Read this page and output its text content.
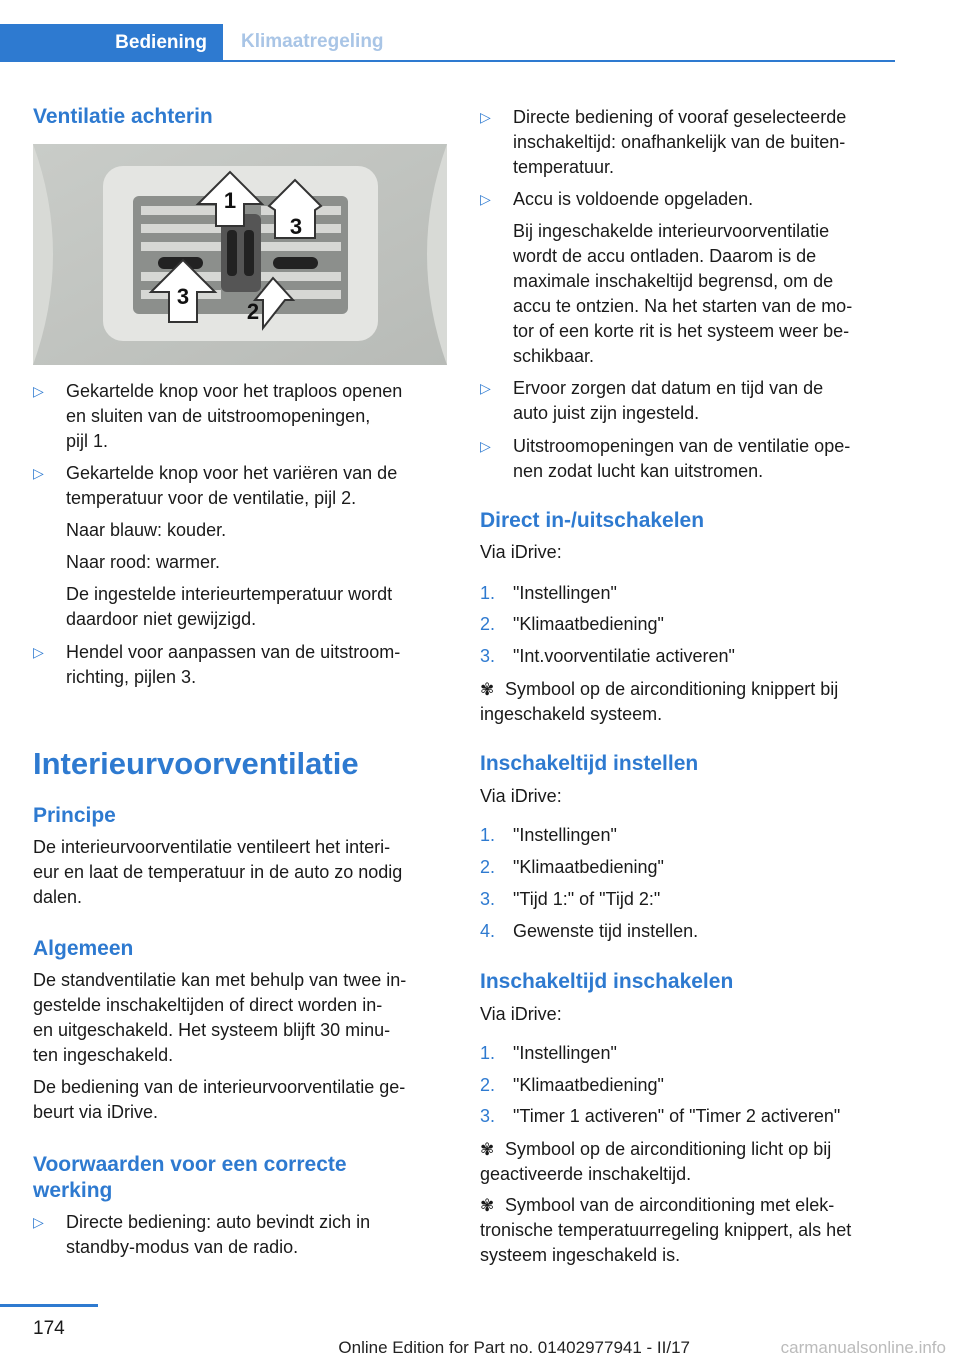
Bediening Klimaatregeling
Ventilatie achterin
1
2
3
3
▷ Gekartelde knop voor het traploos openen
en sluiten van de uitstroomopeningen,
pijl 1.
▷ Gekartelde knop voor het variëren van de
temperatuur voor de ventilatie, pijl 2.
Naar blauw: kouder.
Naar rood: warmer.
De ingestelde interieurtemperatuur wordt
daardoor niet gewijzigd.
▷ Hendel voor aanpassen van de uitstroom-
richting, pijlen 3.
Interieurvoorventilatie
Principe
De interieurvoorventilatie ventileert het interi-
eur en laat de temperatuur in de auto zo nodig
dalen.
Algemeen
De standventilatie kan met behulp van twee in-
gestelde inschakeltijden of direct worden in-
en uitgeschakeld. Het systeem blijft 30 minu-
ten ingeschakeld.
De bediening van de interieurvoorventilatie ge-
beurt via iDrive.
Voorwaarden voor een correcte
werking
▷ Directe bediening: auto bevindt zich in
standby-modus van de radio.
▷ Directe bediening of vooraf geselecteerde
inschakeltijd: onafhankelijk van de buiten-
temperatuur.
▷ Accu is voldoende opgeladen.
Bij ingeschakelde interieurvoorventilatie
wordt de accu ontladen. Daarom is de
maximale inschakeltijd begrensd, om de
accu te ontzien. Na het starten van de mo-
tor of een korte rit is het systeem weer be-
schikbaar.
▷ Ervoor zorgen dat datum en tijd van de
auto juist zijn ingesteld.
▷ Uitstroomopeningen van de ventilatie ope-
nen zodat lucht kan uitstromen.
Direct in-/uitschakelen
Via iDrive:
1. "Instellingen"
2. "Klimaatbediening"
3. "Int.voorventilatie activeren"
✾ Symbool op de airconditioning knippert bij
ingeschakeld systeem.
Inschakeltijd instellen
Via iDrive:
1. "Instellingen"
2. "Klimaatbediening"
3. "Tijd 1:" of "Tijd 2:"
4. Gewenste tijd instellen.
Inschakeltijd inschakelen
Via iDrive:
1. "Instellingen"
2. "Klimaatbediening"
3. "Timer 1 activeren" of "Timer 2 activeren"
✾ Symbool op de airconditioning licht op bij
geactiveerde inschakeltijd.
✾ Symbool van de airconditioning met elek-
tronische temperatuurregeling knippert, als het
systeem ingeschakeld is.
174
Online Edition for Part no. 01402977941 - II/17	carmanualsonline.info
